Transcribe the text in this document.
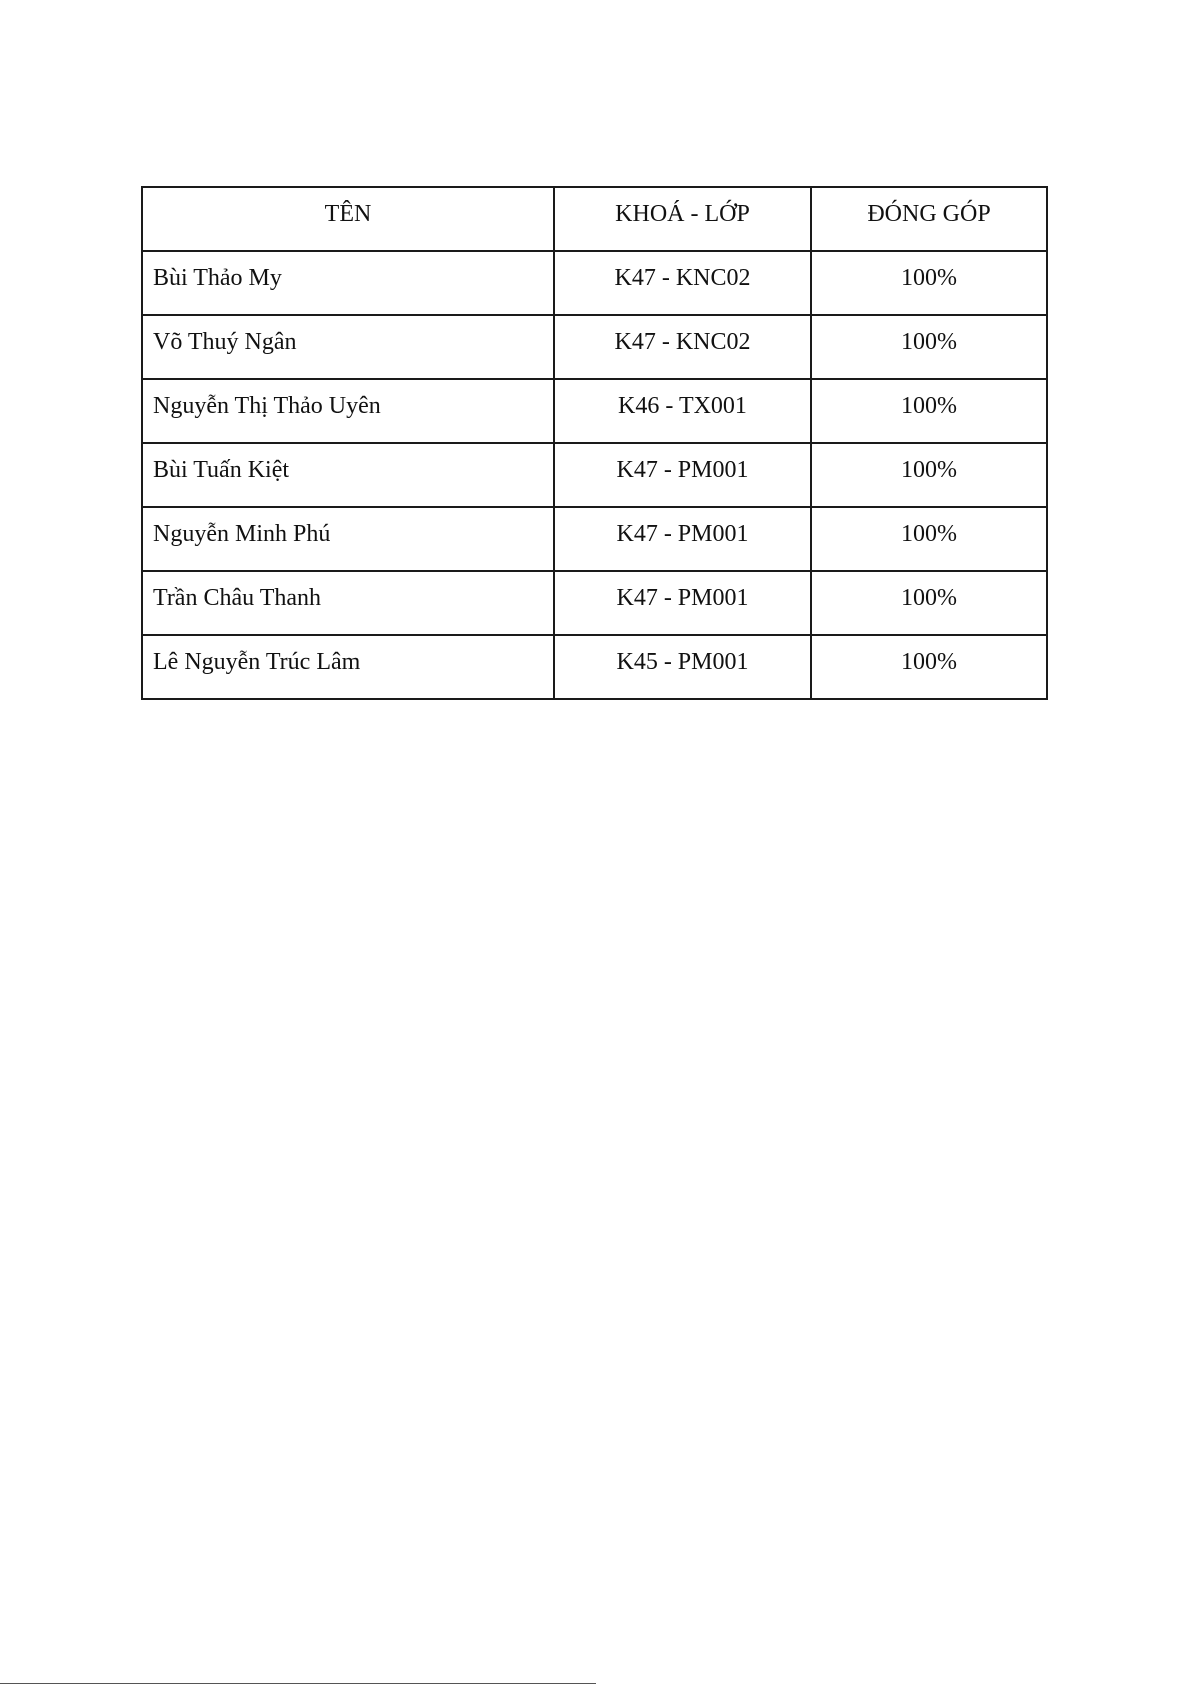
TÊN	KHOÁ - LỚP	ĐÓNG GÓP
Bùi Thảo My	K47 - KNC02	100%
Võ Thuý Ngân	K47 - KNC02	100%
Nguyễn Thị Thảo Uyên	K46 - TX001	100%
Bùi Tuấn Kiệt	K47 - PM001	100%
Nguyễn Minh Phú	K47 - PM001	100%
Trần Châu Thanh	K47 - PM001	100%
Lê Nguyễn Trúc Lâm	K45 - PM001	100%
